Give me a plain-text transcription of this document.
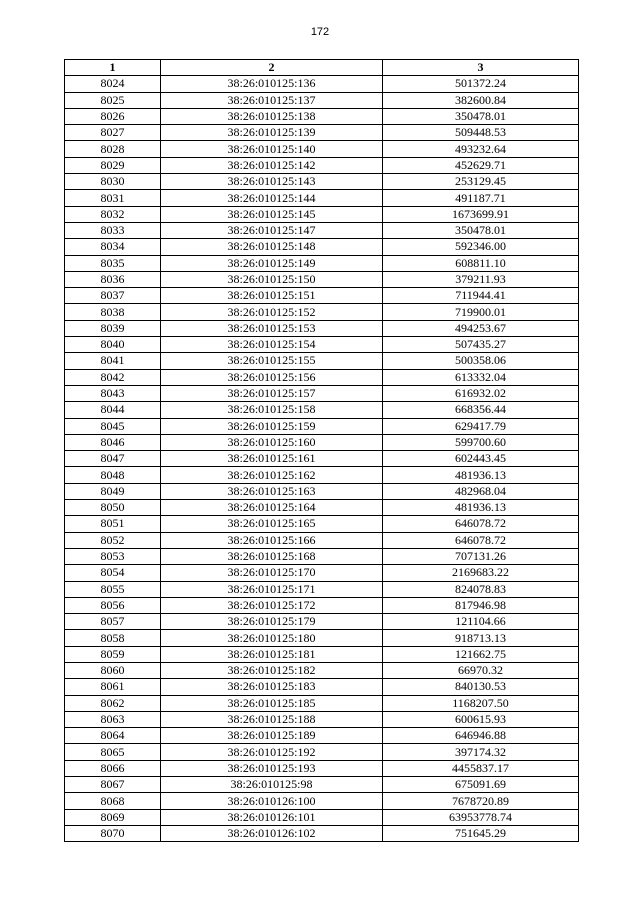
172
1	2	3
8024	38:26:010125:136	501372.24
8025	38:26:010125:137	382600.84
8026	38:26:010125:138	350478.01
8027	38:26:010125:139	509448.53
8028	38:26:010125:140	493232.64
8029	38:26:010125:142	452629.71
8030	38:26:010125:143	253129.45
8031	38:26:010125:144	491187.71
8032	38:26:010125:145	1673699.91
8033	38:26:010125:147	350478.01
8034	38:26:010125:148	592346.00
8035	38:26:010125:149	608811.10
8036	38:26:010125:150	379211.93
8037	38:26:010125:151	711944.41
8038	38:26:010125:152	719900.01
8039	38:26:010125:153	494253.67
8040	38:26:010125:154	507435.27
8041	38:26:010125:155	500358.06
8042	38:26:010125:156	613332.04
8043	38:26:010125:157	616932.02
8044	38:26:010125:158	668356.44
8045	38:26:010125:159	629417.79
8046	38:26:010125:160	599700.60
8047	38:26:010125:161	602443.45
8048	38:26:010125:162	481936.13
8049	38:26:010125:163	482968.04
8050	38:26:010125:164	481936.13
8051	38:26:010125:165	646078.72
8052	38:26:010125:166	646078.72
8053	38:26:010125:168	707131.26
8054	38:26:010125:170	2169683.22
8055	38:26:010125:171	824078.83
8056	38:26:010125:172	817946.98
8057	38:26:010125:179	121104.66
8058	38:26:010125:180	918713.13
8059	38:26:010125:181	121662.75
8060	38:26:010125:182	66970.32
8061	38:26:010125:183	840130.53
8062	38:26:010125:185	1168207.50
8063	38:26:010125:188	600615.93
8064	38:26:010125:189	646946.88
8065	38:26:010125:192	397174.32
8066	38:26:010125:193	4455837.17
8067	38:26:010125:98	675091.69
8068	38:26:010126:100	7678720.89
8069	38:26:010126:101	63953778.74
8070	38:26:010126:102	751645.29
